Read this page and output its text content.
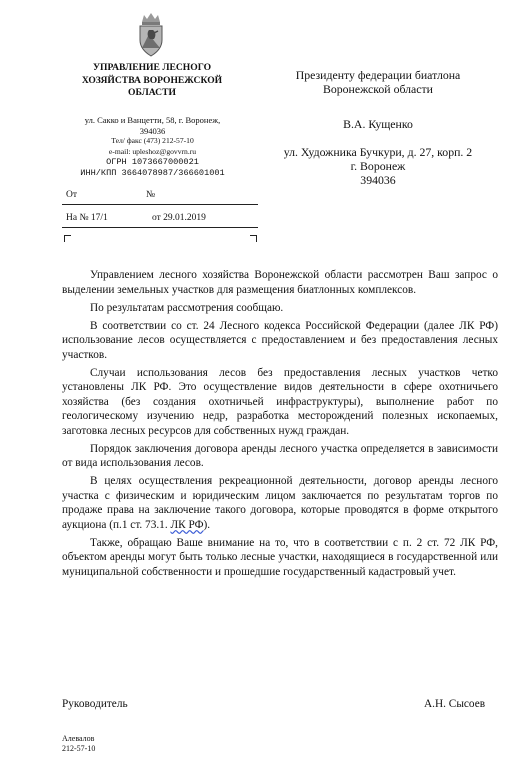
УПРАВЛЕНИЕ ЛЕСНОГО
ХОЗЯЙСТВА ВОРОНЕЖСКОЙ
ОБЛАСТИ
ул. Сакко и Ванцетти, 58, г. Воронеж,
394036
Тел/ факс (473) 212-57-10
e-mail: upleshoz@govvrn.ru
ОГРН 1073667000021
ИНН/КПП 3664078987/366601001
От	№
На № 17/1	от 29.01.2019
Президенту федерации биатлона
Воронежской области
В.А. Кущенко
ул. Художника Бучкури, д. 27, корп. 2
г. Воронеж
394036

Управлением лесного хозяйства Воронежской области рассмотрен Ваш запрос о выделении земельных участков для размещения биатлонных комплексов.

По результатам рассмотрения сообщаю.

В соответствии со ст. 24 Лесного кодекса Российской Федерации (далее ЛК РФ) использование лесов осуществляется с предоставлением и без предоставления лесных участков.

Случаи использования лесов без предоставления лесных участков четко установлены ЛК РФ. Это осуществление видов деятельности в сфере охотничьего хозяйства (без создания охотничьей инфраструктуры), выполнение работ по геологическому изучению недр, разработка месторождений полезных ископаемых, заготовка лесных ресурсов для собственных нужд граждан.

Порядок заключения договора аренды лесного участка определяется в зависимости от вида использования лесов.

В целях осуществления рекреационной деятельности, договор аренды лесного участка с физическим и юридическим лицом заключается по результатам торгов по продаже права на заключение такого договора, которые проводятся в форме открытого аукциона (п.1 ст. 73.1. ЛК РФ).

Также, обращаю Ваше внимание на то, что в соответствии с п. 2 ст. 72 ЛК РФ, объектом аренды могут быть только лесные участки, находящиеся в государственной или муниципальной собственности и прошедшие государственный кадастровый учет.

Руководитель	А.Н. Сысоев
Алевалов
212-57-10
